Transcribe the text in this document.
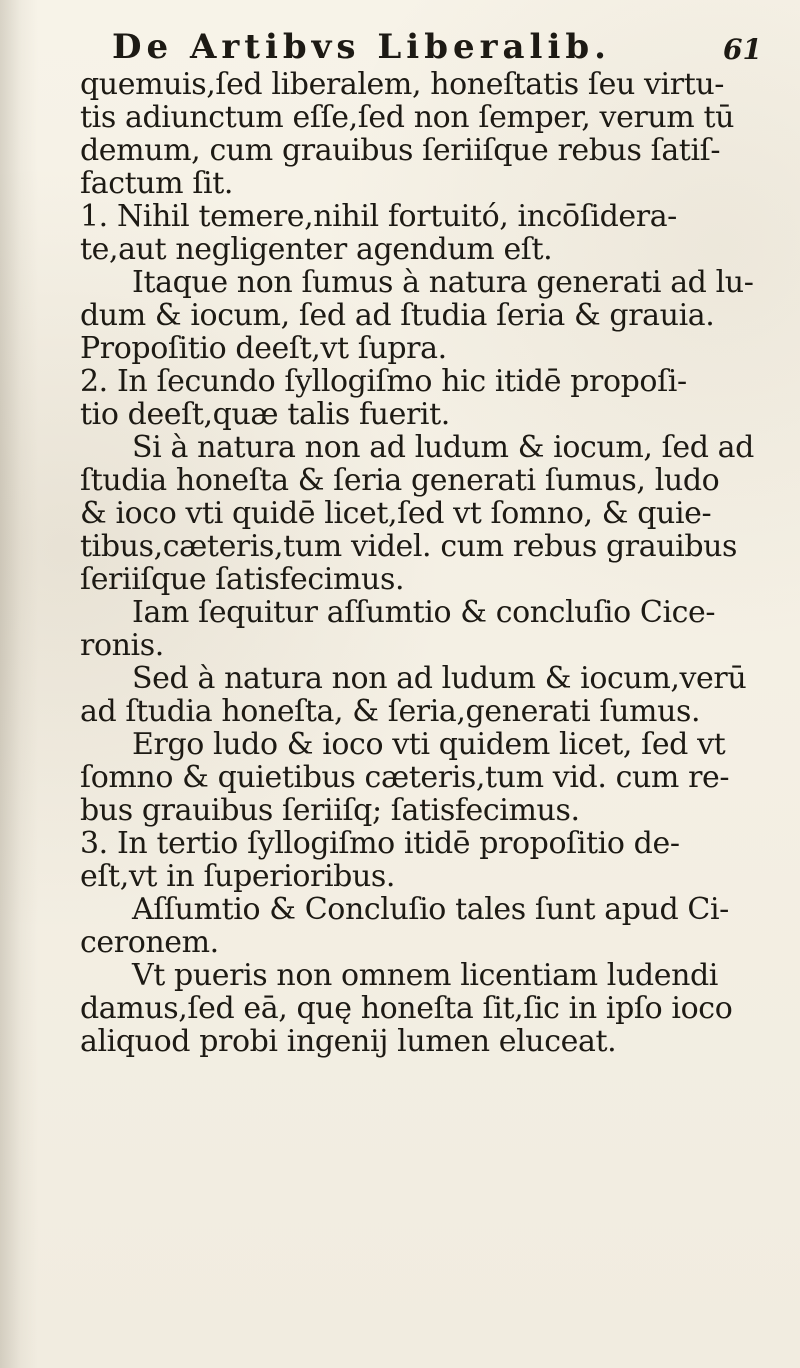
De Artibvs Liberalib.	61
quemuis,ſed liberalem, honeſtatis ſeu virtu-
tis adiunctum eſſe,ſed non ſemper, verum tū
demum, cum grauibus ſeriiſque rebus ſatiſ-
factum ſit.
1. Nihil temere,nihil fortuitó, incōſidera-
te,aut negligenter agendum eſt.
Itaque non ſumus à natura generati ad lu-
dum & iocum, ſed ad ſtudia ſeria & grauia.
Propoſitio deeſt,vt ſupra.
2. In ſecundo ſyllogiſmo hic itidē propoſi-
tio deeſt,quæ talis fuerit.
Si à natura non ad ludum & iocum, ſed ad
ſtudia honeſta & ſeria generati ſumus, ludo
& ioco vti quidē licet,ſed vt ſomno, & quie-
tibus,cæteris,tum videl. cum rebus grauibus
ſeriiſque ſatisfecimus.
Iam ſequitur aſſumtio & concluſio Cice-
ronis.
Sed à natura non ad ludum & iocum,verū
ad ſtudia honeſta, & ſeria,generati ſumus.
Ergo ludo & ioco vti quidem licet, ſed vt
ſomno & quietibus cæteris,tum vid. cum re-
bus grauibus ſeriiſq; ſatisfecimus.
3. In tertio ſyllogiſmo itidē propoſitio de-
eſt,vt in ſuperioribus.
Aſſumtio & Concluſio tales ſunt apud Ci-
ceronem.
Vt pueris non omnem licentiam ludendi
damus,ſed eā, quę honeſta ſit,ſic in ipſo ioco
aliquod probi ingenij lumen eluceat.
